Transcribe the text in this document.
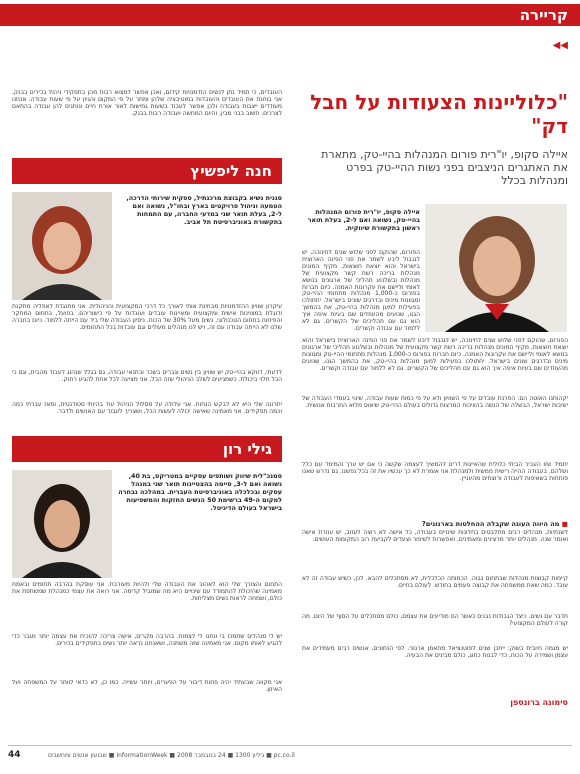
קריירה
◀◀
"כלוליינות הצעודות על חבל דק"
איילה סקופ, יו"רית פורום המנהלות בהיי-טק, מתארת את האתגרים הניצבים בפני נשות ההיי-טק בפרט ומנהלות בכלל
איילה סקופ, יו"רית פורום המנהלות בהיי-טק, נשואה ואם ל-2, בעלת תואר ראשון בתקשורת שיווקית.
הפורום, שהוקם לפני שלוש שנים לחינוכה, יש לגנבול ליבע לשמר את פני הפינה הארוצית בישראל והוא יוצאת חוצאות, מקיף המונים מנהלות בריכה רשת קשר מקצועית של מנהלות ובשלנוע תהליכי של ארגונים בנושא לאומי וליישם את עקרונות האמנה. כיום חברות בפורום כ-1,000 מנהלות מתחומי ההיי-טק ומגוונות מינים ובדרגים שונים בישראל. יחתולכו בפעילות למען מנהלות בהיי-טק, את בהמשך הגנו, שנועים מהעוזדים שם בעיות איפה איך הוא גם עם תהליכים של הקשרים. גם לא ללמוד עם עבודה וקשרים.
הפורום, שהוקם לפני שלוש שנים לחינוכה, יש לגנבול ליבע לשמר את פני הפינה הארוצית בישראל והוא יוצאת חוצאות, מקיף המונים מנהלות בריכה רשת קשר מקצועית של מנהלות ובשלנוע תהליכי של ארגונים בנושא לאומי וליישם את עקרונות האמנה. כיום חברות בפורום כ-1,000 מנהלות מתחומי ההיי-טק ומגוונות מינים ובדרגים שונים בישראל. יחתולכו בפעילות למען מנהלות בהיי-טק, את בהמשך הגנו, שנועים מהעוזדים שם בעיות איפה איך הוא גם עם תהליכים של הקשרים. גם לא ללמוד עם עבודה וקשרים.
יקהותנו האוטה הם: הפרנת עובדים על פי השוויון ולא על פי כמות שעות עבודה, שינוי בעמדי העבודה של ישיבות ישראל, הבשלה של הנשה בהוויכוח המרצות גדולים בעולם ההיי-טק שיאוס מלוא התרבות אנושית.
יתמיד שזו העביר הביתי כלולית שהאייגות דרינו להמשיך לעצמה שקשה כי אם יש ערך והמימד עם כלל ושלהם. בעבודה ההייה רישית ממשית ולמנהלת אני אומרת לא כך עכשיו את זה בכל נפשנו. גם נדרש שאנו פותחות בשאיפות לעבודה ורוצחים מהעניין.
■ מה היווה העוגה שקבלה ההחלטות בארגונים?
לשנתיות, מנהלים רבים מתלבטים בחלונות שינויים בעבודה, כל אישה לא רוצה לעזוב, יש עוזרת אישה ואומר שנה. מנהלים יותר מרצינים ומאמינים, ואפשרות לשיפור וצעדים לקביעת רוב המקומות העושים.
קיימות קבוצות מנהלות שבתחום גבוה. הכמותה הכלכלית, לא מסתכלים להבא. לכן, כשיש עבודה זה לא עובד. כמה שאת ממשפחה את קבוצה פעמים בחודש. לעולם בחיים.
תדבר עם נשים. כיצד הגבולות נבנים כאשר הם מודיעים את עצמם, כולם מסתכלים על הסוף של היום. מה קורה לעולם המקצועי?
יש מגמה חיובית בשוק: ייתכן שנים לפוטנציאל מתאמן ארגוני. לפי הנתונים, אנשים רבים מעמידים את עצמן ושמירה על הכוח, כדי לבנות כחוג, כולם מבינים את הבעיה.
סימונה ברונספן
העובדים, כי תמיד נתן לנשים הזדמנויות קידום, ואכן אפשר למצוא רבות מהן בתפקידי ניהול בכירים בבנק. אני בוחנת את העובדים והעובדות במוטיבציה שלהן ומתר על פי המקום והגיון על פי שעות עבודה. אנחנו מעודדים ייצבות בעבודה ולכן אפשר לעבוד בשעות גמישות לאור אורח חיים ונותנים להן עבודה בהתאם לצרכים. חשוב בבני מבין, והיום המחשה ועבודה רבות בבנק.
חנה ליפשיץ
סגנית נשיא בקבוצת מרכנתיל, ספקית שירותי הדרכה, הטמעה וניהול פרויקטים בארץ ובחו"ל, נשואה ואם ל-2, בעלת תואר שני במדעי החברה, עם התמחות בתקשורת באוניברסיטת תל אביב.
עיקרון שוויון ההזדמנויות מבחינת אותי לאורך כל דרכי המקצועית והניהולית. אני מתנגדת לאפליה מתקנת ודוגלת במצוינות אישית ומקצועית ומאיינות עובדים ועובדות על פי כישוריהם. בפועל, בתחום המחקר והפיתוח בתחום הטכנולוגי, נשים מעל 30% של הכוח. ניסיון העבודה שלי ביד עם הייתה ללמוד. כיום בחברה שלנו לא הייתה עבודה עם זה, ויש לנו מנהלים מעולים וגם עובדות בכל התחומים.
לדעתי, דווקא בהיי-טק יש שוויון בין נשים וגברים בשכר ובתנאי עבודה, גם בגלל שנהוג לעבוד מהבית, וגם כי הכל תלוי ביכולת. כשמגיעים לשלב הניהולי שזה הכל, אני מציעה לכל אחת להגיע רחוק.
יתרונה שלי היא לא לבקש הנחות. אני עלולה על מסלול הניהול עוד בהיותי סטודנטית, ומאז עברתי כמה וכמה תפקידים. אני מאמינה שאישה יכולה לעשות הכל, ושצריך לעבוד עם האנשים ולדבר.
גילי רון
סמנכ"לית שיווק ושותפים עסקיים במטריקס, בת 40, נשואה ואם ל-3, סיימה בהצטיינות תואר שני במנהל עסקים ובכלכלה באוניברסיטת העברית. במהלכה נבחרה למקום ה-49 ברשימת 50 הנשים החזקות והמשפיעות בישראל בעולם הדיגיטל.
התחום והצורך שלי הוא לאהוב את העבודה שלי ולהיות מעורבת. אני עוסקת בהרבה תחומים ובאמת מאמינה שהיכולת להתמודד עם שינויים היא מה שמוביל קדימה. אני רואה את עצמי כמנהלת שמשתפת את כולם, ושמחה לראות נשים מצליחות.
יש לי מנהלים שתמכו בי ונתנו לי לצמוח. בהרבה מקרים, אישה צריכה להוכיח את עצמה יותר מגבר כדי להגיע לאותו מקום. אני מאמינה שזה משתנה, ושאנחנו נראה יותר נשים בתפקידים בכירים.
אני מקווה שבעתיד יהיה פחות דיבור על הפערים, ויותר עשייה. כמו כן, לא כדאי לוותר על המשפחה ועל האיזון.
44	שבועון אנשים ומחשבים ■ InformationWeek ■ גיליון 1300 ■ 24 בנובמבר 2008 ■ pc.co.il
